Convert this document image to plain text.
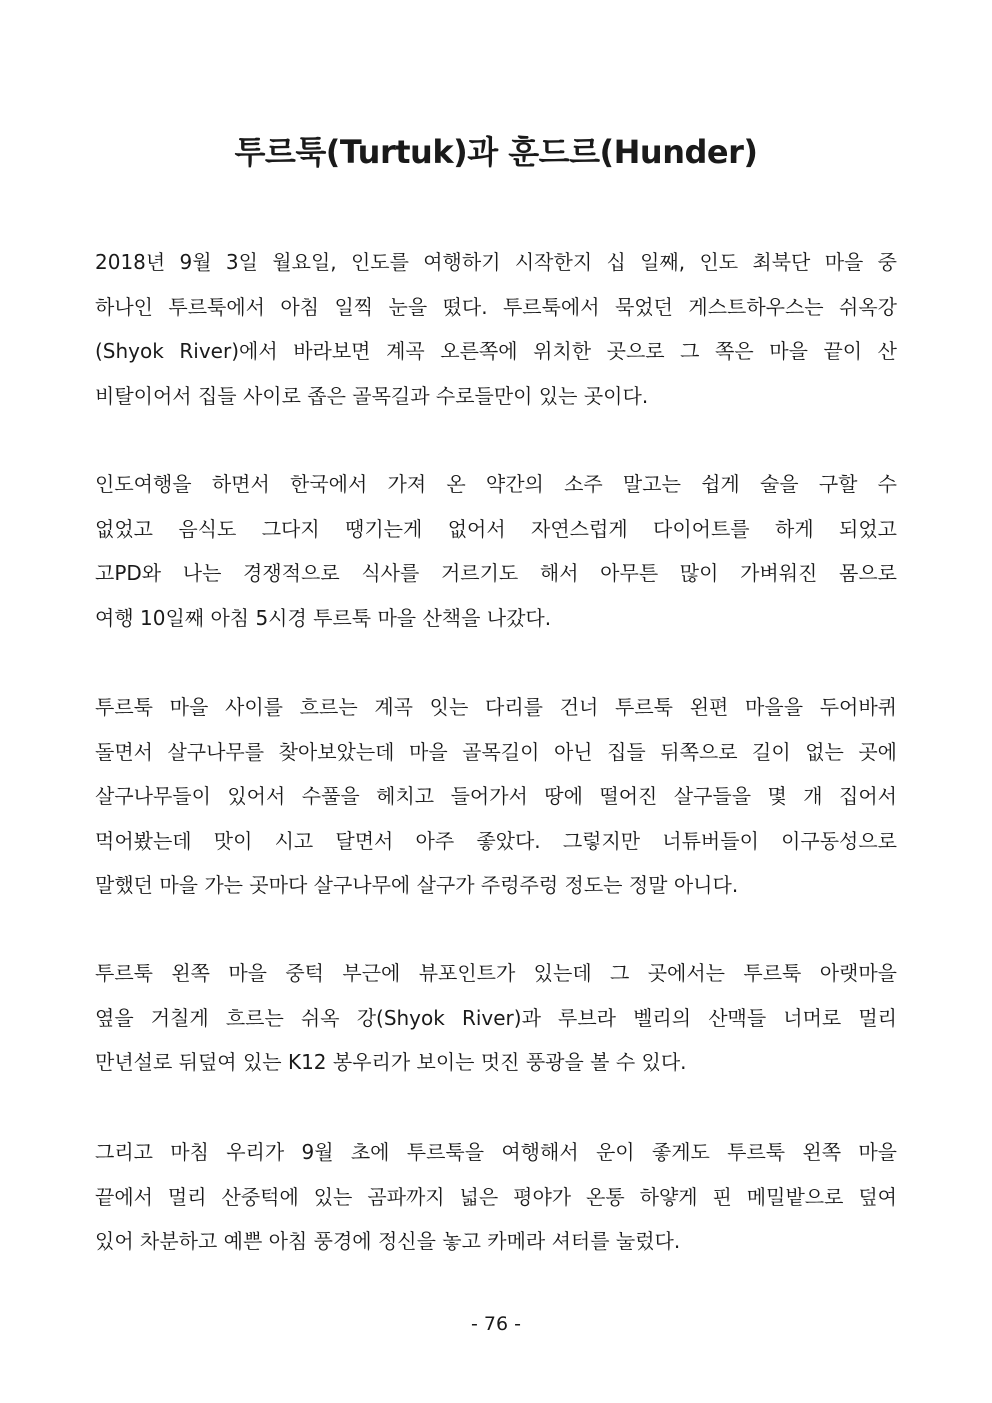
투르툭(Turtuk)과 훈드르(Hunder)

2018년 9월 3일 월요일, 인도를 여행하기 시작한지 십 일째, 인도 최북단 마을 중
하나인 투르툭에서 아침 일찍 눈을 떴다. 투르툭에서 묵었던 게스트하우스는 쉬옥강
(Shyok River)에서 바라보면 계곡 오른쪽에 위치한 곳으로 그 쪽은 마을 끝이 산
비탈이어서 집들 사이로 좁은 골목길과 수로들만이 있는 곳이다.

인도여행을 하면서 한국에서 가져 온 약간의 소주 말고는 쉽게 술을 구할 수
없었고 음식도 그다지 땡기는게 없어서 자연스럽게 다이어트를 하게 되었고
고PD와 나는 경쟁적으로 식사를 거르기도 해서 아무튼 많이 가벼워진 몸으로
여행 10일째 아침 5시경 투르툭 마을 산책을 나갔다.

투르툭 마을 사이를 흐르는 계곡 잇는 다리를 건너 투르툭 왼편 마을을 두어바퀴
돌면서 살구나무를 찾아보았는데 마을 골목길이 아닌 집들 뒤쪽으로 길이 없는 곳에
살구나무들이 있어서 수풀을 헤치고 들어가서 땅에 떨어진 살구들을 몇 개 집어서
먹어봤는데 맛이 시고 달면서 아주 좋았다. 그렇지만 너튜버들이 이구동성으로
말했던 마을 가는 곳마다 살구나무에 살구가 주렁주렁 정도는 정말 아니다.

투르툭 왼쪽 마을 중턱 부근에 뷰포인트가 있는데 그 곳에서는 투르툭 아랫마을
옆을 거칠게 흐르는 쉬옥 강(Shyok River)과 루브라 벨리의 산맥들 너머로 멀리
만년설로 뒤덮여 있는 K12 봉우리가 보이는 멋진 풍광을 볼 수 있다.

그리고 마침 우리가 9월 초에 투르툭을 여행해서 운이 좋게도 투르툭 왼쪽 마을
끝에서 멀리 산중턱에 있는 곰파까지 넓은 평야가 온통 하얗게 핀 메밀밭으로 덮여
있어 차분하고 예쁜 아침 풍경에 정신을 놓고 카메라 셔터를 눌렀다.

- 76 -
